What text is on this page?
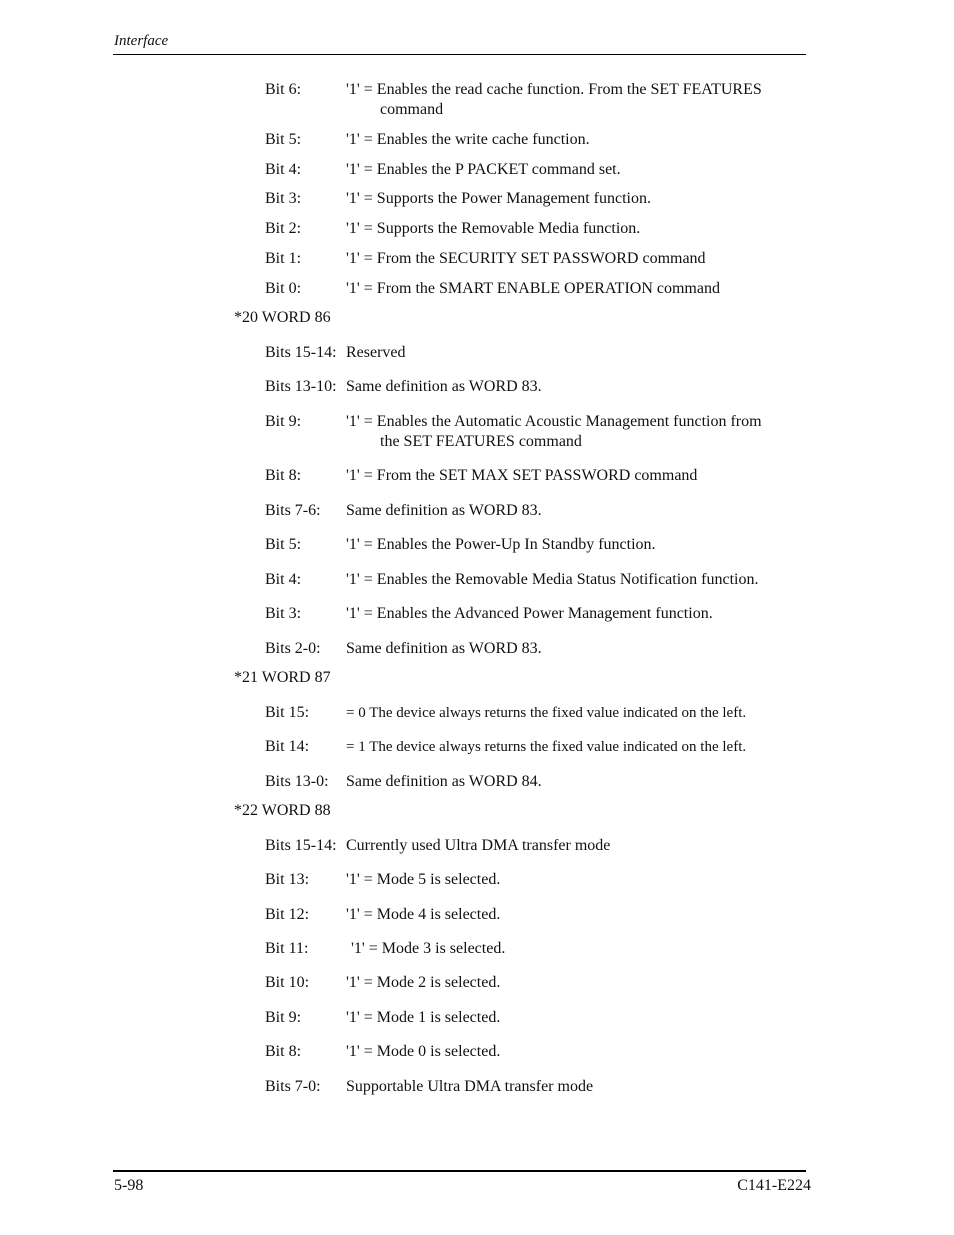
Interface
Bit 6:	'1' = Enables the read cache function. From the SET FEATURES
command
Bit 5:	'1' = Enables the write cache function.
Bit 4:	'1' = Enables the P PACKET command set.
Bit 3:	'1' = Supports the Power Management function.
Bit 2:	'1' = Supports the Removable Media function.
Bit 1:	'1' = From the SECURITY SET PASSWORD command
Bit 0:	'1' = From the SMART ENABLE OPERATION command
*20 WORD 86
Bits 15-14: Reserved
Bits 13-10: Same definition as WORD 83.
Bit 9:	'1' = Enables the Automatic Acoustic Management function from
the SET FEATURES command
Bit 8:	'1' = From the SET MAX SET PASSWORD command
Bits 7-6: Same definition as WORD 83.
Bit 5:	'1' = Enables the Power-Up In Standby function.
Bit 4:	'1' = Enables the Removable Media Status Notification function.
Bit 3:	'1' = Enables the Advanced Power Management function.
Bits 2-0: Same definition as WORD 83.
*21 WORD 87
Bit 15: = 0 The device always returns the fixed value indicated on the left.
Bit 14: = 1 The device always returns the fixed value indicated on the left.
Bits 13-0: Same definition as WORD 84.
*22 WORD 88
Bits 15-14: Currently used Ultra DMA transfer mode
Bit 13: '1' = Mode 5 is selected.
Bit 12: '1' = Mode 4 is selected.
Bit 11:	'1' = Mode 3 is selected.
Bit 10: '1' = Mode 2 is selected.
Bit 9:	'1' = Mode 1 is selected.
Bit 8:	'1' = Mode 0 is selected.
Bits 7-0: Supportable Ultra DMA transfer mode
5-98	C141-E224
